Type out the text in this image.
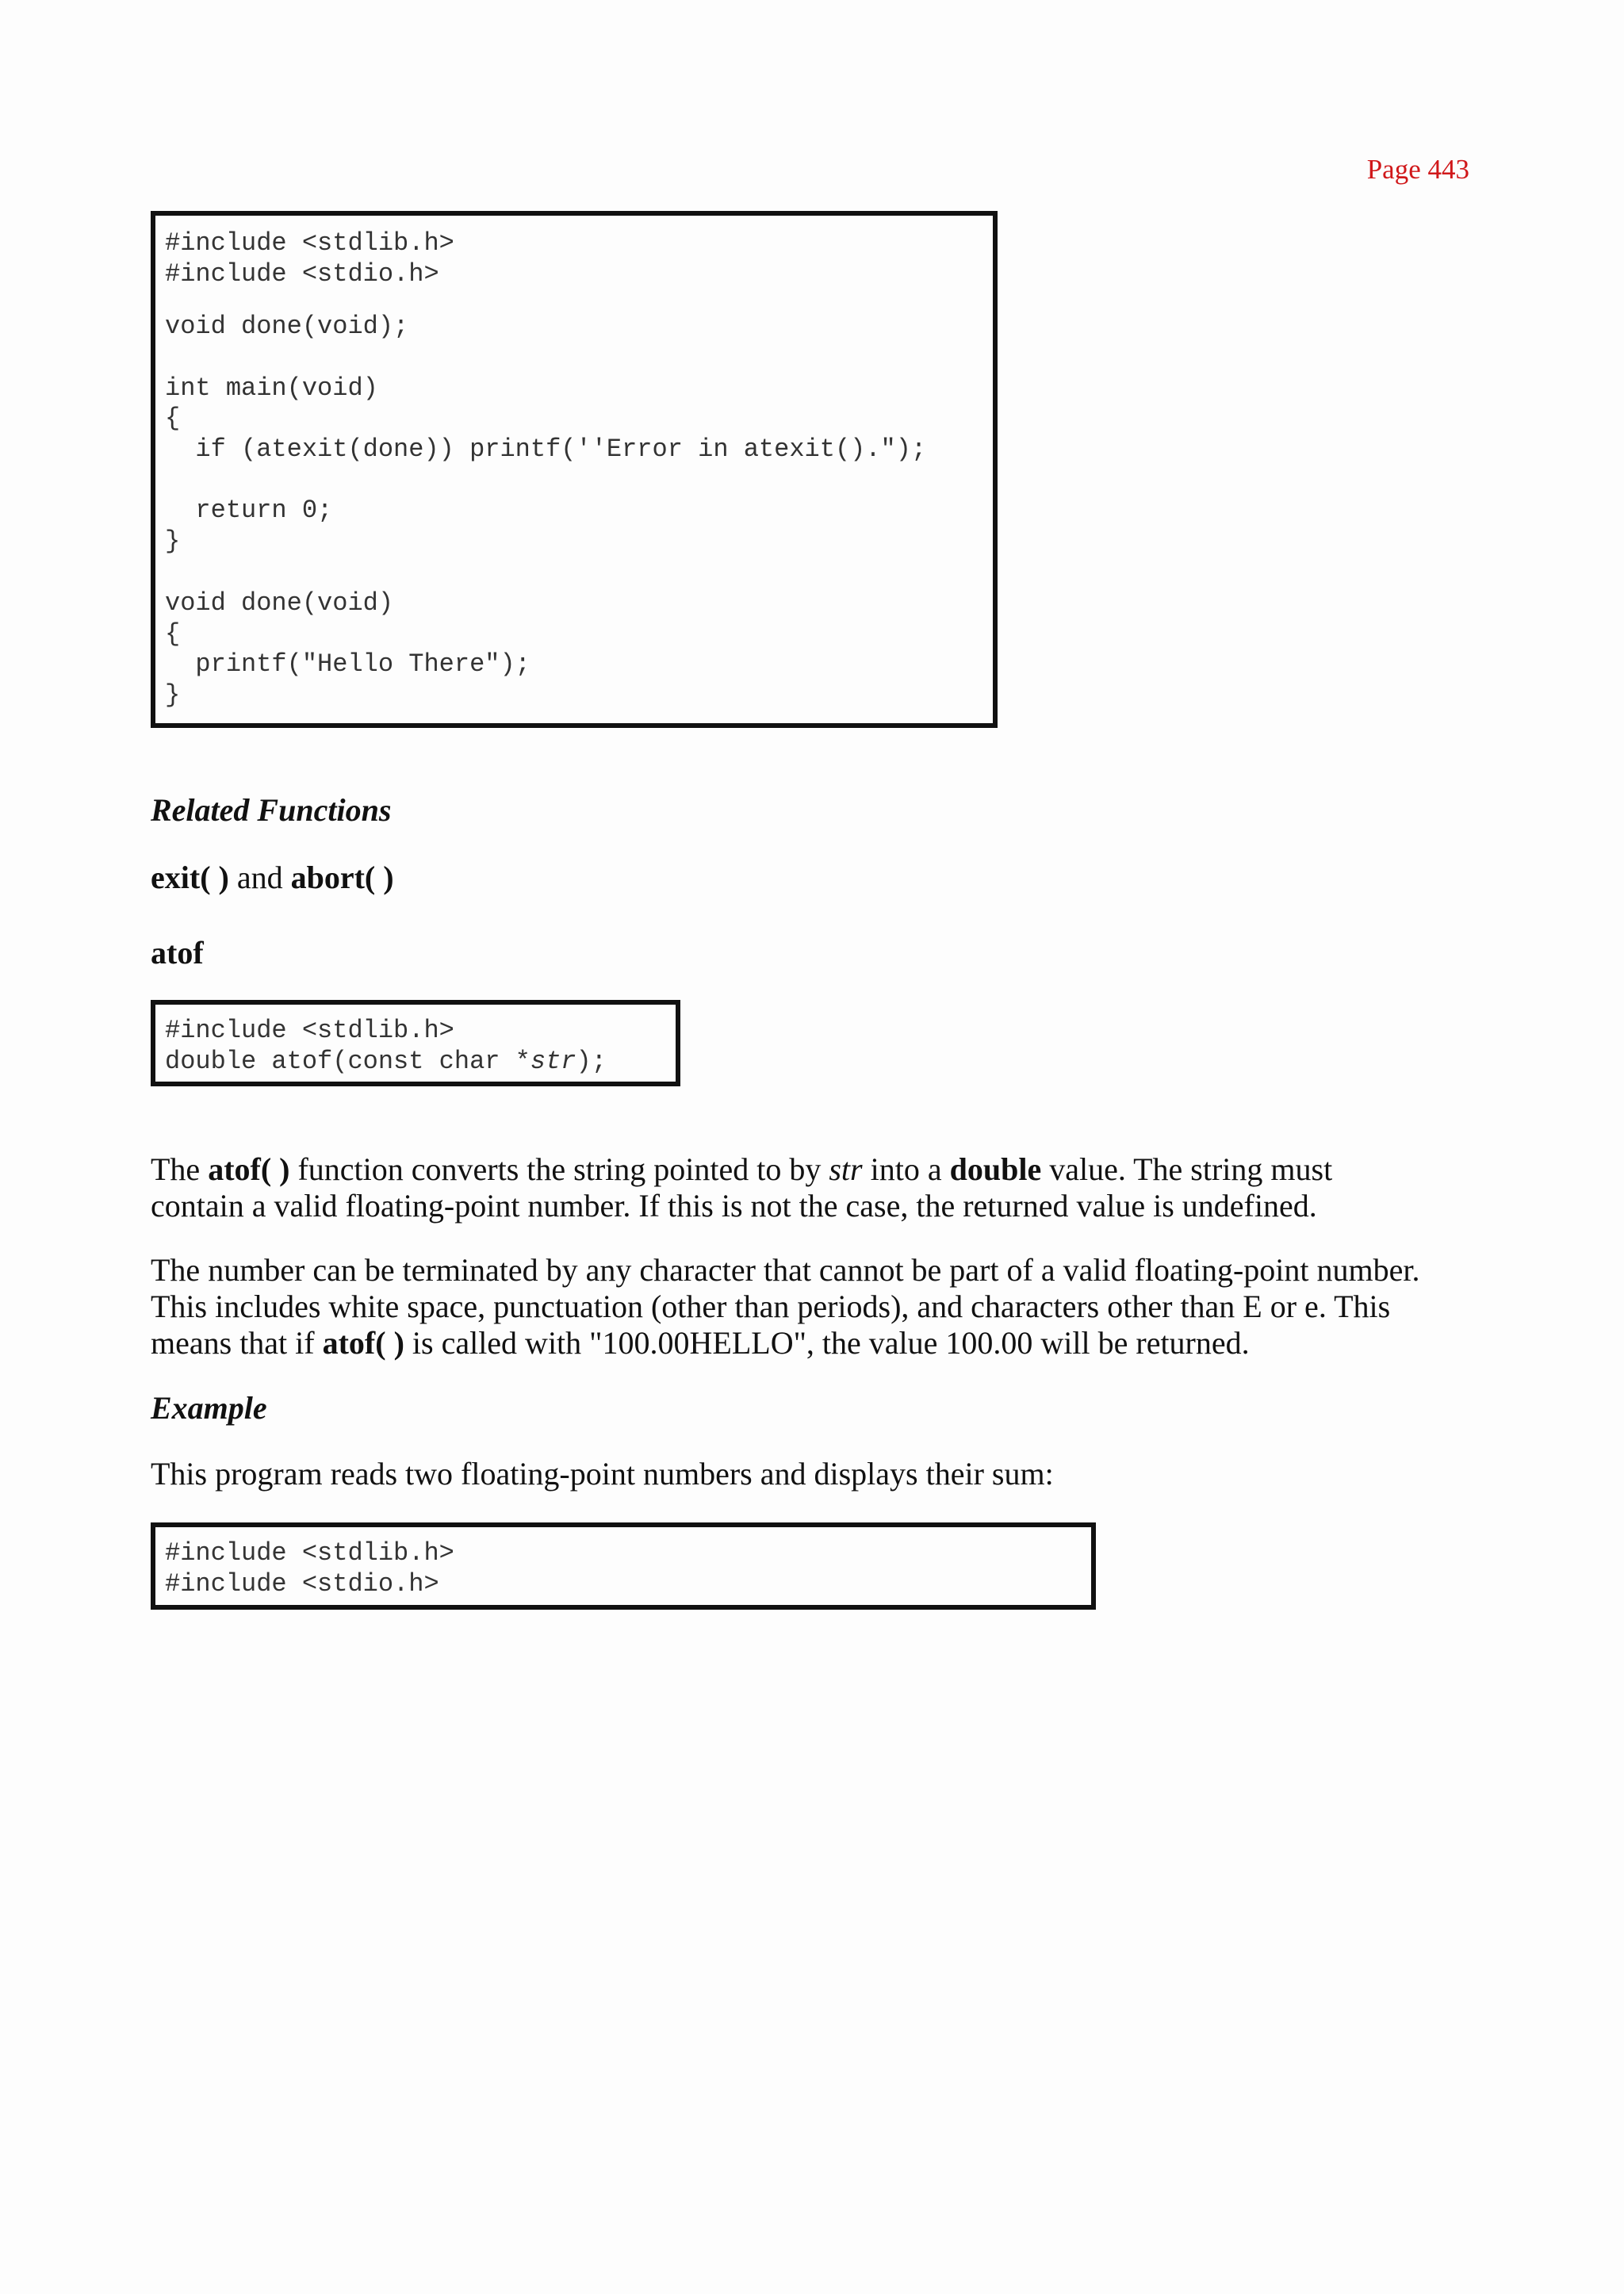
Page 443
#include <stdlib.h>
#include <stdio.h>
void done(void);
int main(void)
{
if (atexit(done)) printf(''Error in atexit().");
return 0;
}
void done(void)
{
printf("Hello There");
}
Related Functions
exit( ) and abort( )
atof
#include <stdlib.h>
double atof(const char *str);
The atof( ) function converts the string pointed to by str into a double value. The string must
contain a valid floating-point number. If this is not the case, the returned value is undefined.
The number can be terminated by any character that cannot be part of a valid floating-point number.
This includes white space, punctuation (other than periods), and characters other than E or e. This
means that if atof( ) is called with "100.00HELLO", the value 100.00 will be returned.
Example
This program reads two floating-point numbers and displays their sum:
#include <stdlib.h>
#include <stdio.h>
